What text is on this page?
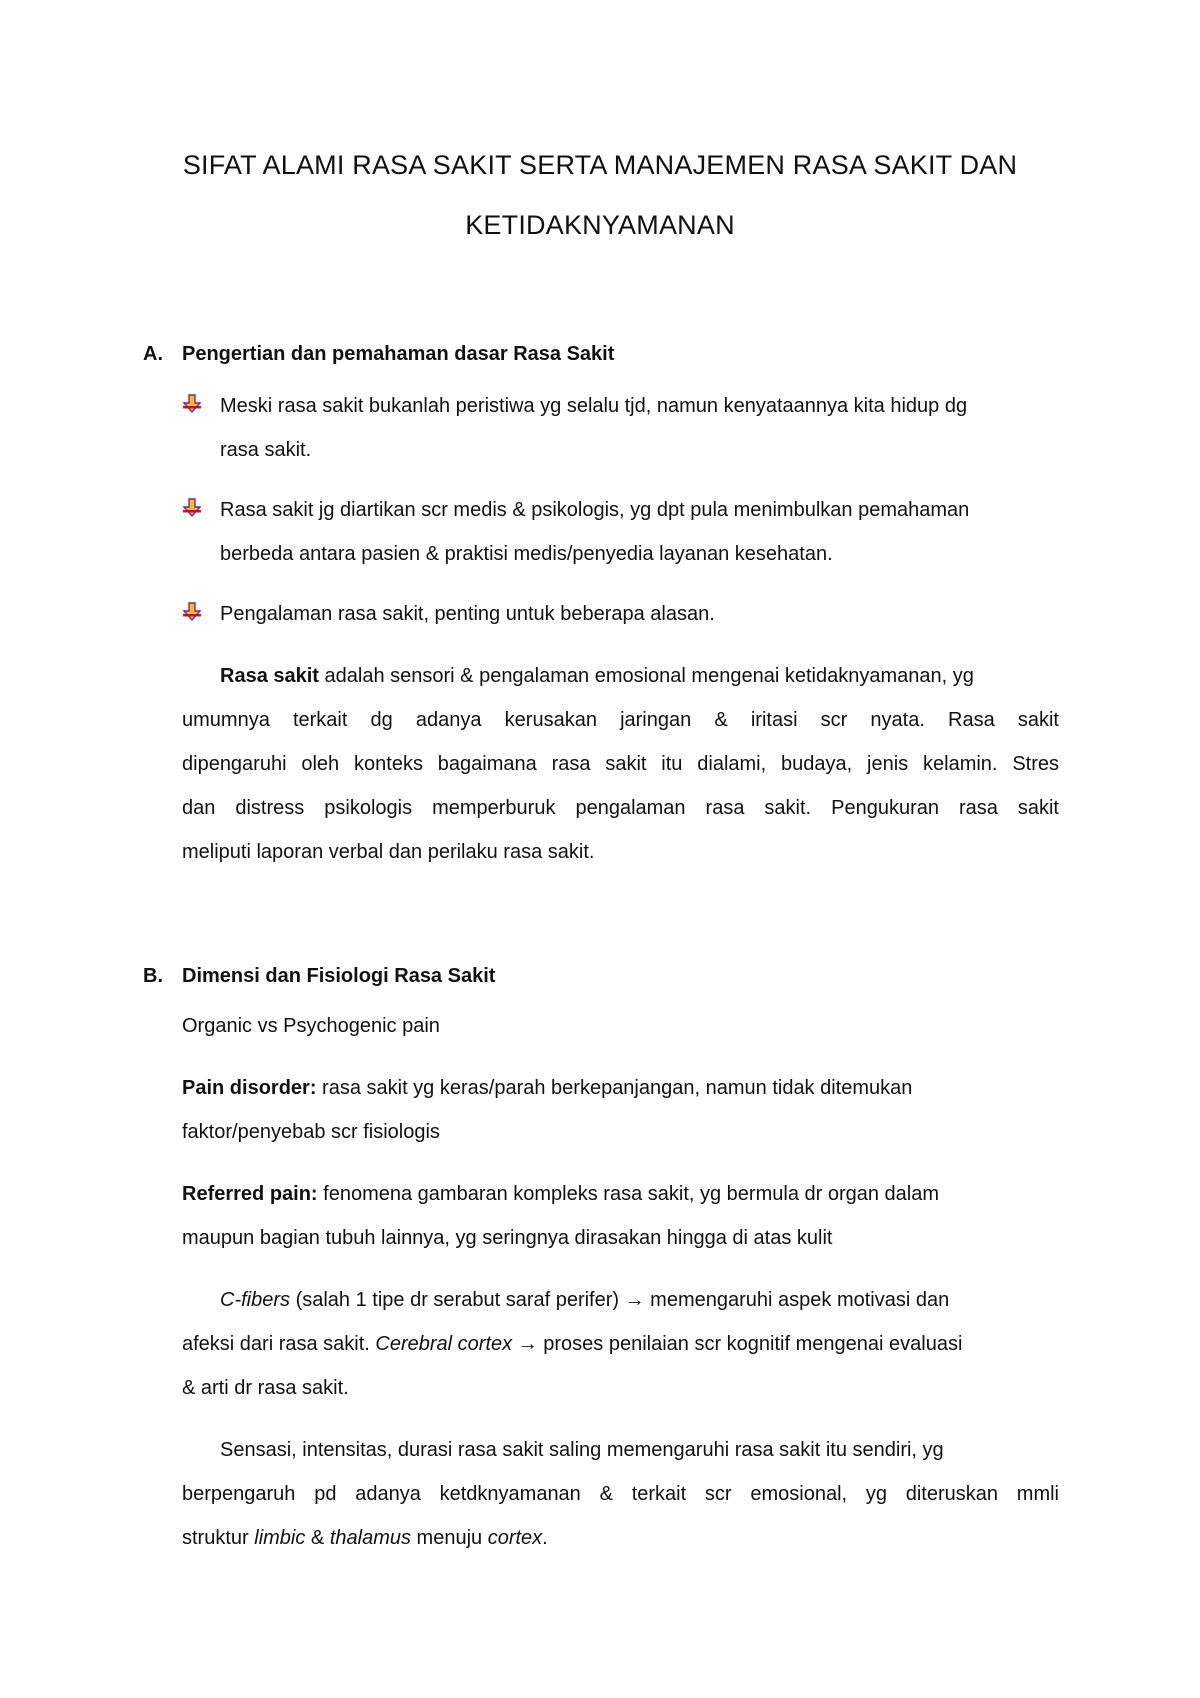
SIFAT ALAMI RASA SAKIT SERTA MANAJEMEN RASA SAKIT DAN
KETIDAKNYAMANAN
A. Pengertian dan pemahaman dasar Rasa Sakit
Meski rasa sakit bukanlah peristiwa yg selalu tjd, namun kenyataannya kita hidup dg
rasa sakit.
Rasa sakit jg diartikan scr medis & psikologis, yg dpt pula menimbulkan pemahaman
berbeda antara pasien & praktisi medis/penyedia layanan kesehatan.
Pengalaman rasa sakit, penting untuk beberapa alasan.
Rasa sakit adalah sensori & pengalaman emosional mengenai ketidaknyamanan, yg
umumnya terkait dg adanya kerusakan jaringan & iritasi scr nyata. Rasa sakit
dipengaruhi oleh konteks bagaimana rasa sakit itu dialami, budaya, jenis kelamin. Stres
dan distress psikologis memperburuk pengalaman rasa sakit. Pengukuran rasa sakit
meliputi laporan verbal dan perilaku rasa sakit.
B. Dimensi dan Fisiologi Rasa Sakit
Organic vs Psychogenic pain
Pain disorder: rasa sakit yg keras/parah berkepanjangan, namun tidak ditemukan
faktor/penyebab scr fisiologis
Referred pain: fenomena gambaran kompleks rasa sakit, yg bermula dr organ dalam
maupun bagian tubuh lainnya, yg seringnya dirasakan hingga di atas kulit
C-fibers (salah 1 tipe dr serabut saraf perifer) → memengaruhi aspek motivasi dan
afeksi dari rasa sakit. Cerebral cortex → proses penilaian scr kognitif mengenai evaluasi
& arti dr rasa sakit.
Sensasi, intensitas, durasi rasa sakit saling memengaruhi rasa sakit itu sendiri, yg
berpengaruh pd adanya ketdknyamanan & terkait scr emosional, yg diteruskan mmli
struktur limbic & thalamus menuju cortex.
